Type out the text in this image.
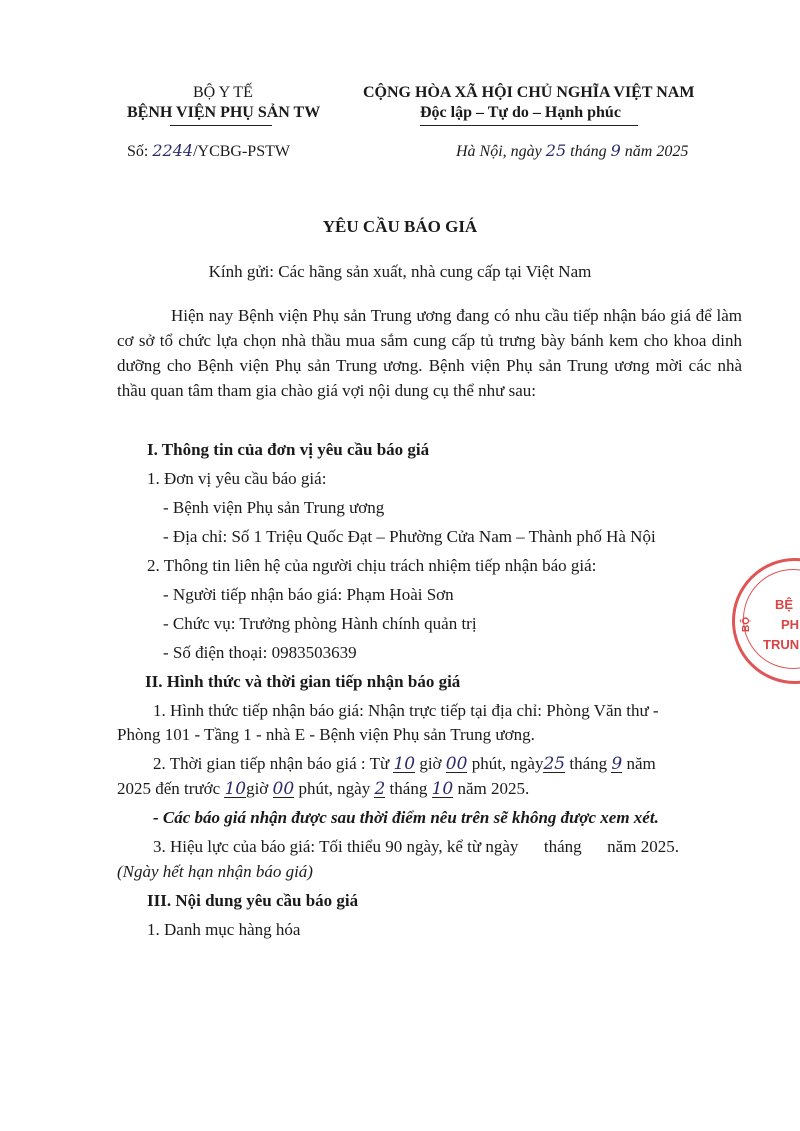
BỘ Y TẾ
BỆNH VIỆN PHỤ SẢN TW
CỘNG HÒA XÃ HỘI CHỦ NGHĨA VIỆT NAM
Độc lập – Tự do – Hạnh phúc
Số: 2244/YCBG-PSTW	Hà Nội, ngày 25 tháng 9 năm 2025
YÊU CẦU BÁO GIÁ
Kính gửi: Các hãng sản xuất, nhà cung cấp tại Việt Nam
Hiện nay Bệnh viện Phụ sản Trung ương đang có nhu cầu tiếp nhận báo giá để làm cơ sở tổ chức lựa chọn nhà thầu mua sắm cung cấp tủ trưng bày bánh kem cho khoa dinh dưỡng cho Bệnh viện Phụ sản Trung ương. Bệnh viện Phụ sản Trung ương mời các nhà thầu quan tâm tham gia chào giá vợi nội dung cụ thể như sau:
I. Thông tin của đơn vị yêu cầu báo giá
1. Đơn vị yêu cầu báo giá:
- Bệnh viện Phụ sản Trung ương
- Địa chỉ: Số 1 Triệu Quốc Đạt – Phường Cửa Nam – Thành phố Hà Nội
2. Thông tin liên hệ của người chịu trách nhiệm tiếp nhận báo giá:
- Người tiếp nhận báo giá: Phạm Hoài Sơn
- Chức vụ: Trưởng phòng Hành chính quản trị
- Số điện thoại: 0983503639
II. Hình thức và thời gian tiếp nhận báo giá
1. Hình thức tiếp nhận báo giá: Nhận trực tiếp tại địa chỉ: Phòng Văn thư -
Phòng 101 - Tầng 1 - nhà E - Bệnh viện Phụ sản Trung ương.
2. Thời gian tiếp nhận báo giá : Từ 10 giờ 00 phút, ngày25 tháng 9 năm
2025 đến trước 10giờ 00 phút, ngày 2 tháng 10 năm 2025.
- Các báo giá nhận được sau thời điểm nêu trên sẽ không được xem xét.
3. Hiệu lực của báo giá: Tối thiểu 90 ngày, kể từ ngày      tháng      năm 2025.
(Ngày hết hạn nhận báo giá)
III. Nội dung yêu cầu báo giá
1. Danh mục hàng hóa
BỆ
PH
TRUN
BỘ
